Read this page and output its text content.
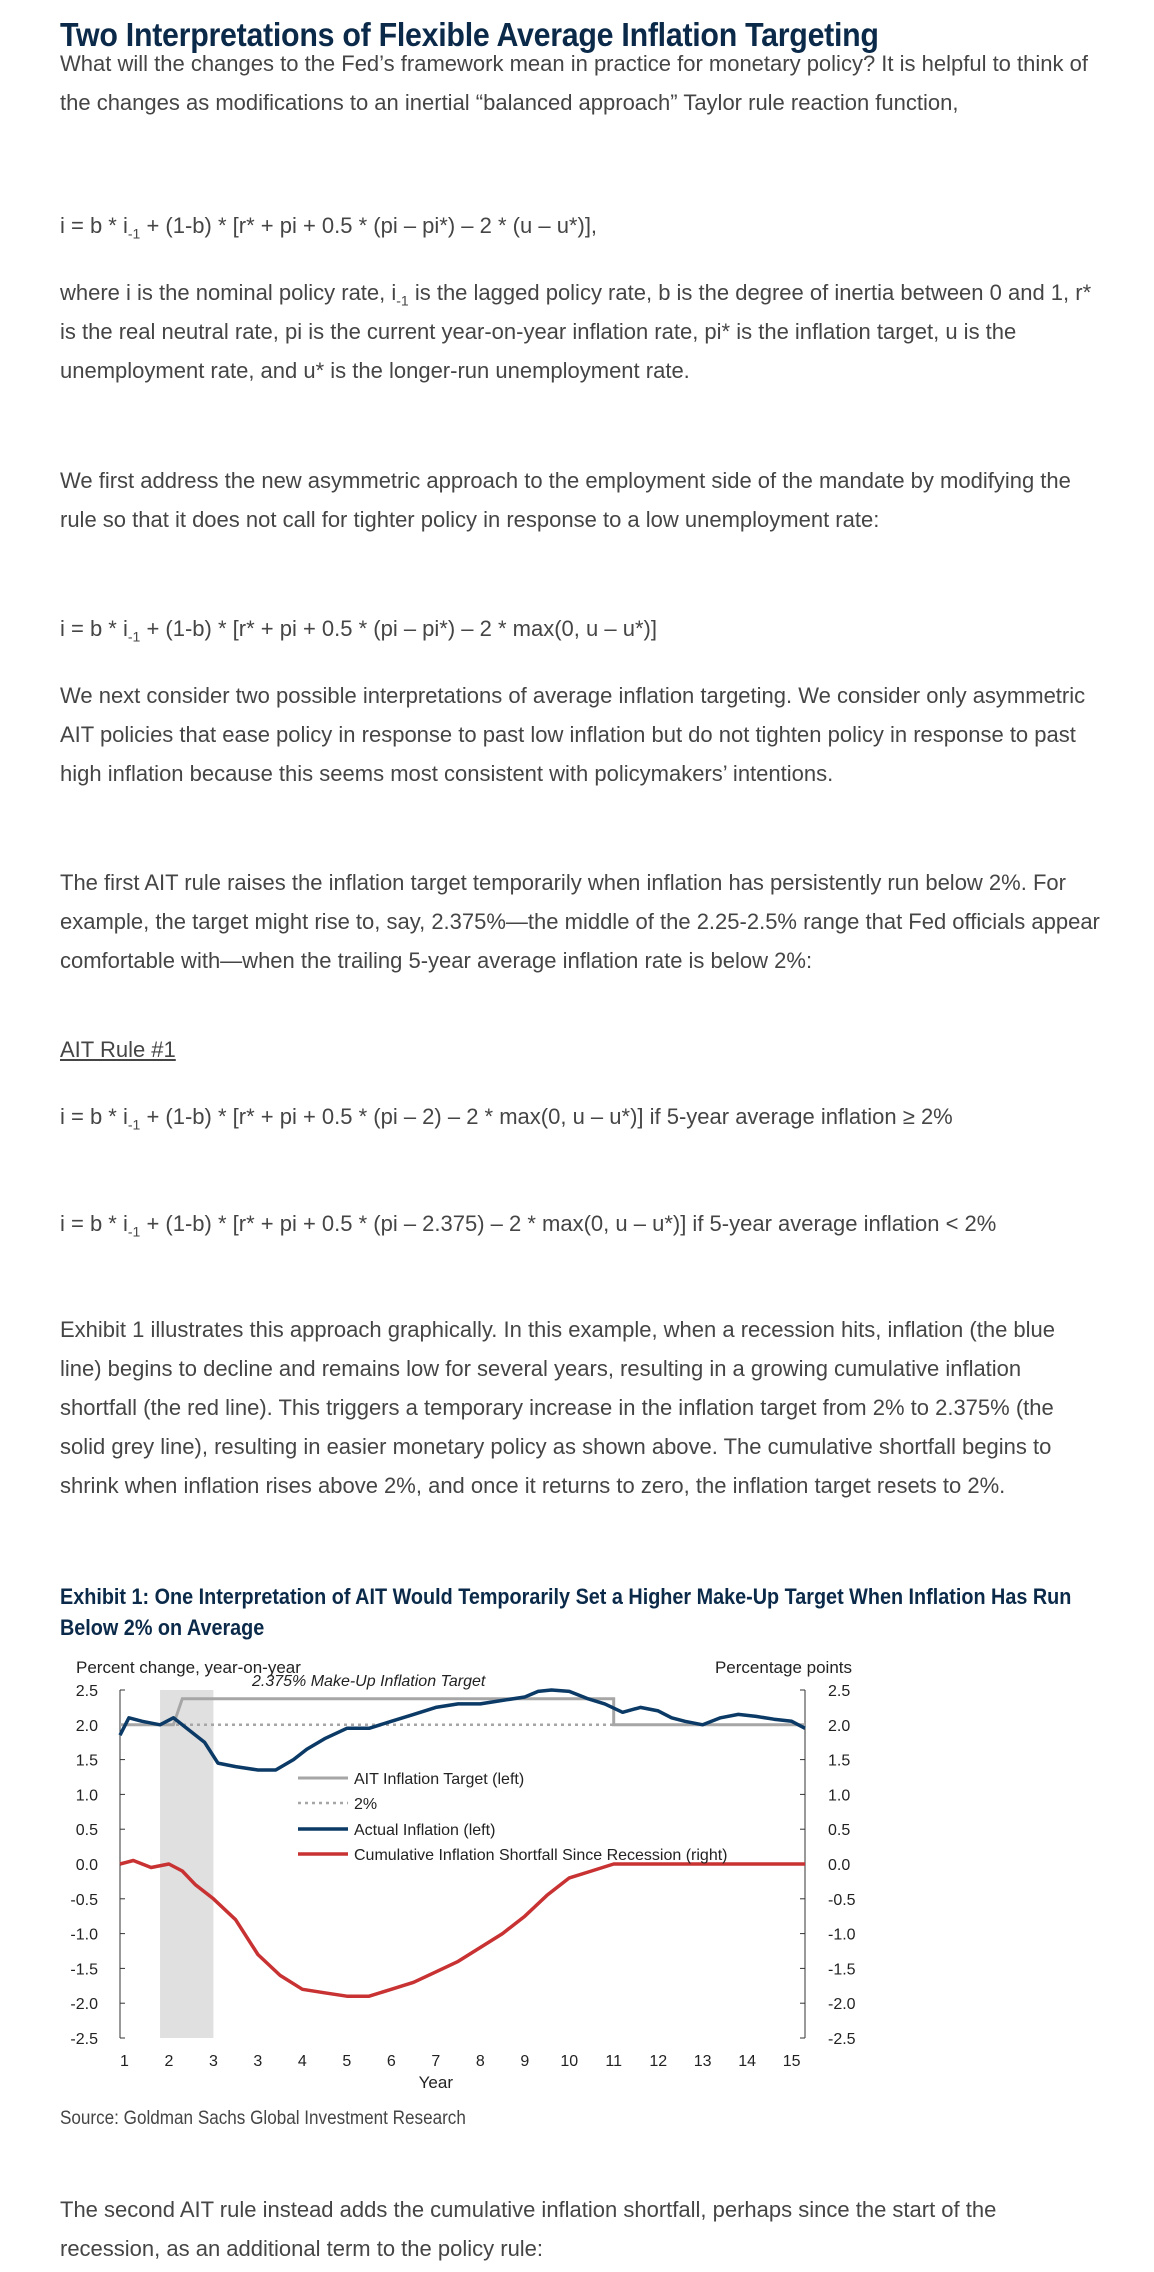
Two Interpretations of Flexible Average Inflation Targeting

What will the changes to the Fed’s framework mean in practice for monetary policy? It is helpful to think of the changes as modifications to an inertial “balanced approach” Taylor rule reaction function,

$i = b * i_{-1} + (1-b) * [r*$ + pi + 0.5 * (pi – pi*) – 2 * (u – u*)],

where i is the nominal policy rate, $i_{-1}$ is the lagged policy rate, b is the degree of inertia between 0 and 1, r* is the real neutral rate, pi is the current year-on-year inflation rate, pi* is the inflation target, u is the unemployment rate, and u* is the longer-run unemployment rate.

We first address the new asymmetric approach to the employment side of the mandate by modifying the rule so that it does not call for tighter policy in response to a low unemployment rate:

$i = b * i_{-1} + (1-b) * [r*$ + pi + 0.5 * (pi – pi*) – 2 * max(0, u – u*)]

We next consider two possible interpretations of average inflation targeting. We consider only asymmetric AIT policies that ease policy in response to past low inflation but do not tighten policy in response to past high inflation because this seems most consistent with policymakers’ intentions.

The first AIT rule raises the inflation target temporarily when inflation has persistently run below 2%. For example, the target might rise to, say, 2.375%—the middle of the 2.25-2.5% range that Fed officials appear comfortable with—when the trailing 5-year average inflation rate is below 2%:

AIT Rule #1

$i = b * i_{-1} + (1-b) * [r*$ + pi + 0.5 * (pi – 2) – 2 * max(0, u – u*)] if 5-year average inflation ≥ 2%

$i = b * i_{-1} + (1-b) * [r*$ + pi + 0.5 * (pi – 2.375) – 2 * max(0, u – u*)] if 5-year average inflation < 2%

Exhibit 1 illustrates this approach graphically. In this example, when a recession hits, inflation (the blue line) begins to decline and remains low for several years, resulting in a growing cumulative inflation shortfall (the red line). This triggers a temporary increase in the inflation target from 2% to 2.375% (the solid grey line), resulting in easier monetary policy as shown above. The cumulative shortfall begins to shrink when inflation rises above 2%, and once it returns to zero, the inflation target resets to 2%.

Exhibit 1: One Interpretation of AIT Would Temporarily Set a Higher Make-Up Target When Inflation Has Run Below 2% on Average

Percent change, year-on-year	Percentage points
2.5	2.5
2.0	2.0
1.5	1.5
1.0	1.0
0.5	0.5
0.0	0.0
-0.5	-0.5
-1.0	-1.0
-1.5	-1.5
-2.0	-2.0
-2.5	-2.5
1 2 3 3 4 5 6 7 8 9 10 11 12 13 14 15
Year
2.375% Make-Up Inflation Target
AIT Inflation Target (left)
2%
Actual Inflation (left)
Cumulative Inflation Shortfall Since Recession (right)

Source: Goldman Sachs Global Investment Research

The second AIT rule instead adds the cumulative inflation shortfall, perhaps since the start of the recession, as an additional term to the policy rule:
